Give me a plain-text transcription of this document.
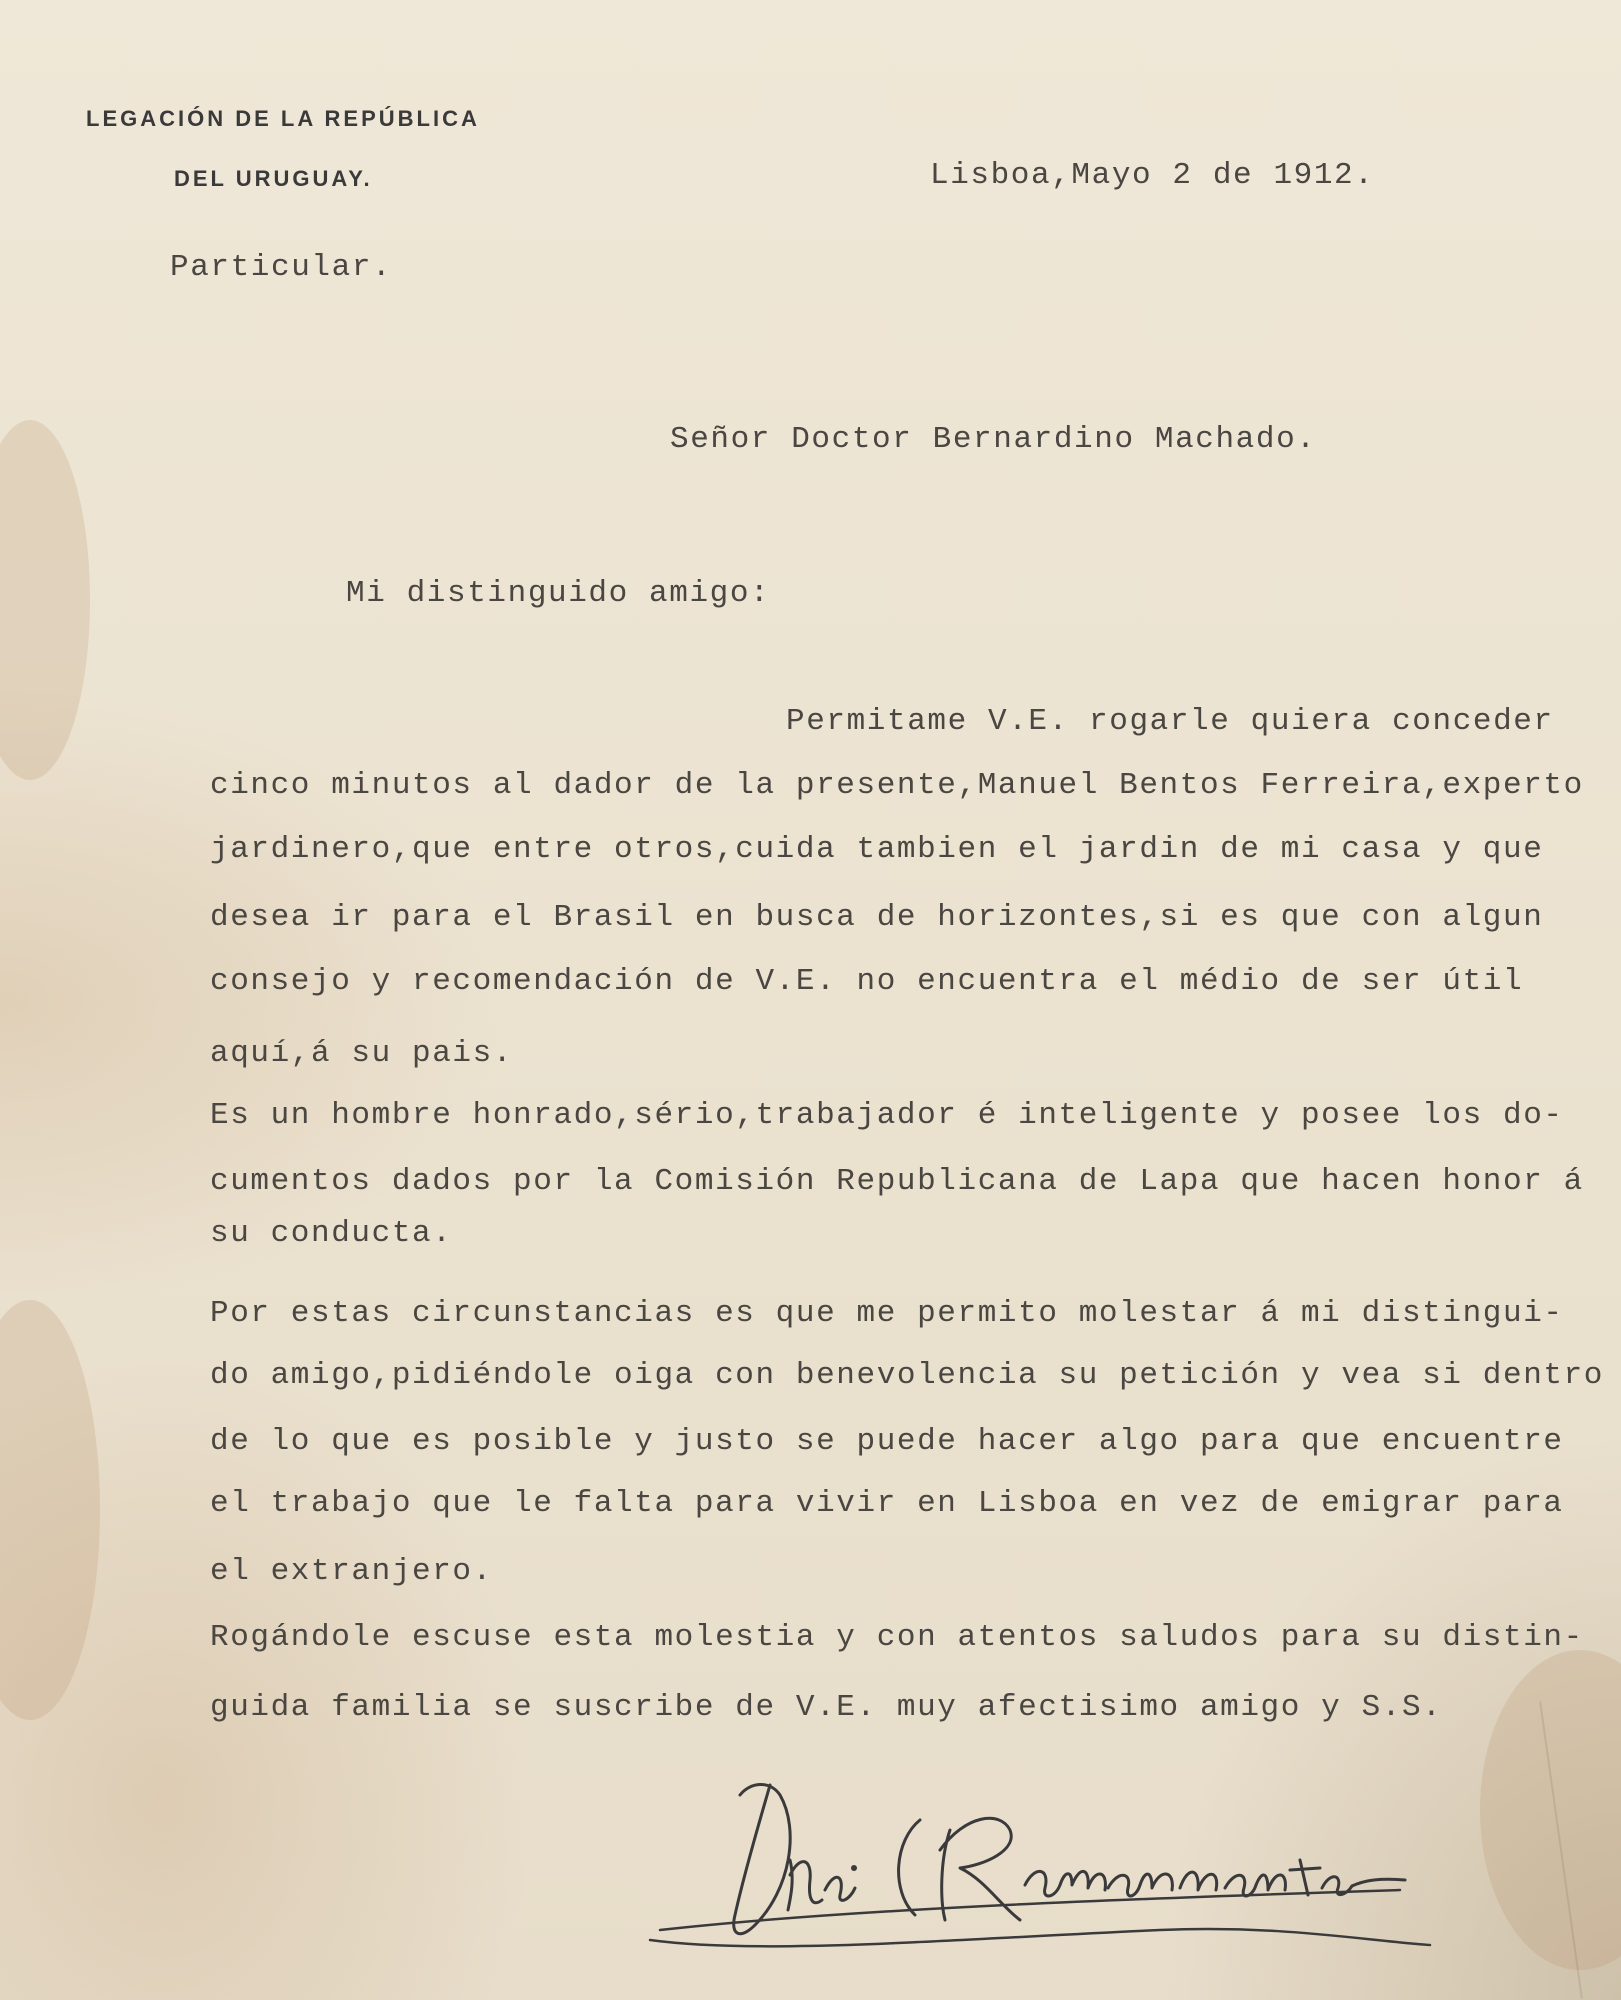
LEGACIÓN DE LA REPÚBLICA
DEL URUGUAY.	Lisboa,Mayo 2 de 1912.
Particular.
Señor Doctor Bernardino Machado.
Mi distinguido amigo:
Permitame V.E. rogarle quiera conceder
cinco minutos al dador de la presente,Manuel Bentos Ferreira,experto
jardinero,que entre otros,cuida tambien el jardin de mi casa y que
desea ir para el Brasil en busca de horizontes,si es que con algun
consejo y recomendación de V.E. no encuentra el médio de ser útil
aquí,á su pais.
Es un hombre honrado,sério,trabajador é inteligente y posee los do-
cumentos dados por la Comisión Republicana de Lapa que hacen honor á
su conducta.
Por estas circunstancias es que me permito molestar á mi distingui-
do amigo,pidiéndole oiga con benevolencia su petición y vea si dentro
de lo que es posible y justo se puede hacer algo para que encuentre
el trabajo que le falta para vivir en Lisboa en vez de emigrar para
el extranjero.
Rogándole escuse esta molestia y con atentos saludos para su distin-
guida familia se suscribe de V.E. muy afectisimo amigo y S.S.
